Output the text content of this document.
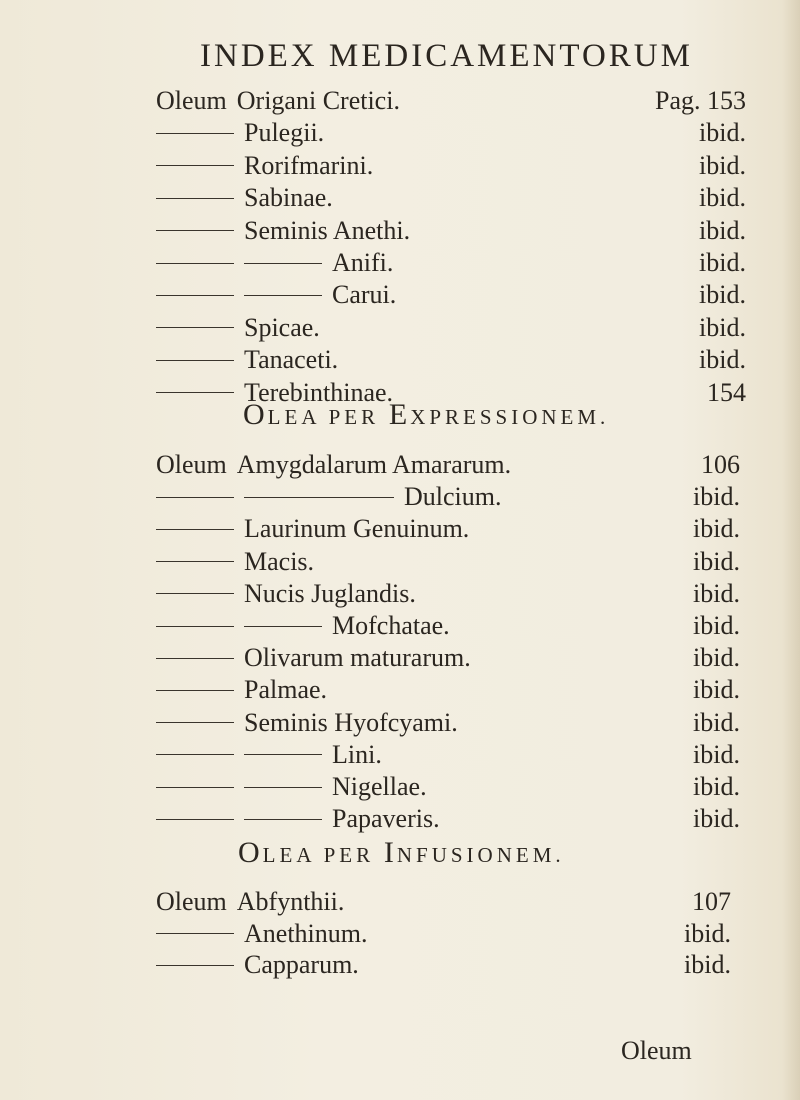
INDEX MEDICAMENTORUM
Oleum Origani Cretici.	Pag. 153
Pulegii.	ibid.
Rorifmarini.	ibid.
Sabinae.	ibid.
Seminis Anethi.	ibid.
Anifi.	ibid.
Carui.	ibid.
Spicae.	ibid.
Tanaceti.	ibid.
Terebinthinae.	154
OLEA PER EXPRESSIONEM.
Oleum Amygdalarum Amararum.	106
Dulcium.	ibid.
Laurinum Genuinum.	ibid.
Macis.	ibid.
Nucis Juglandis.	ibid.
Mofchatae.	ibid.
Olivarum maturarum.	ibid.
Palmae.	ibid.
Seminis Hyofcyami.	ibid.
Lini.	ibid.
Nigellae.	ibid.
Papaveris.	ibid.
OLEA PER INFUSIONEM.
Oleum Abfynthii.	107
Anethinum.	ibid.
Capparum.	ibid.
Oleum
